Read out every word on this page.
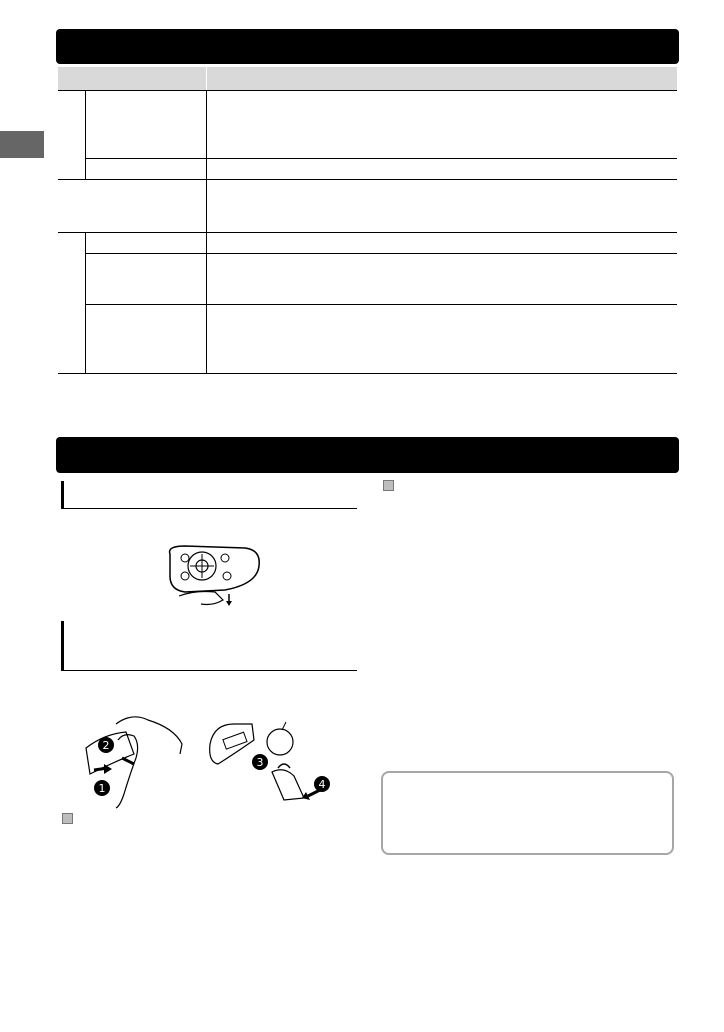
2
1
3
4
